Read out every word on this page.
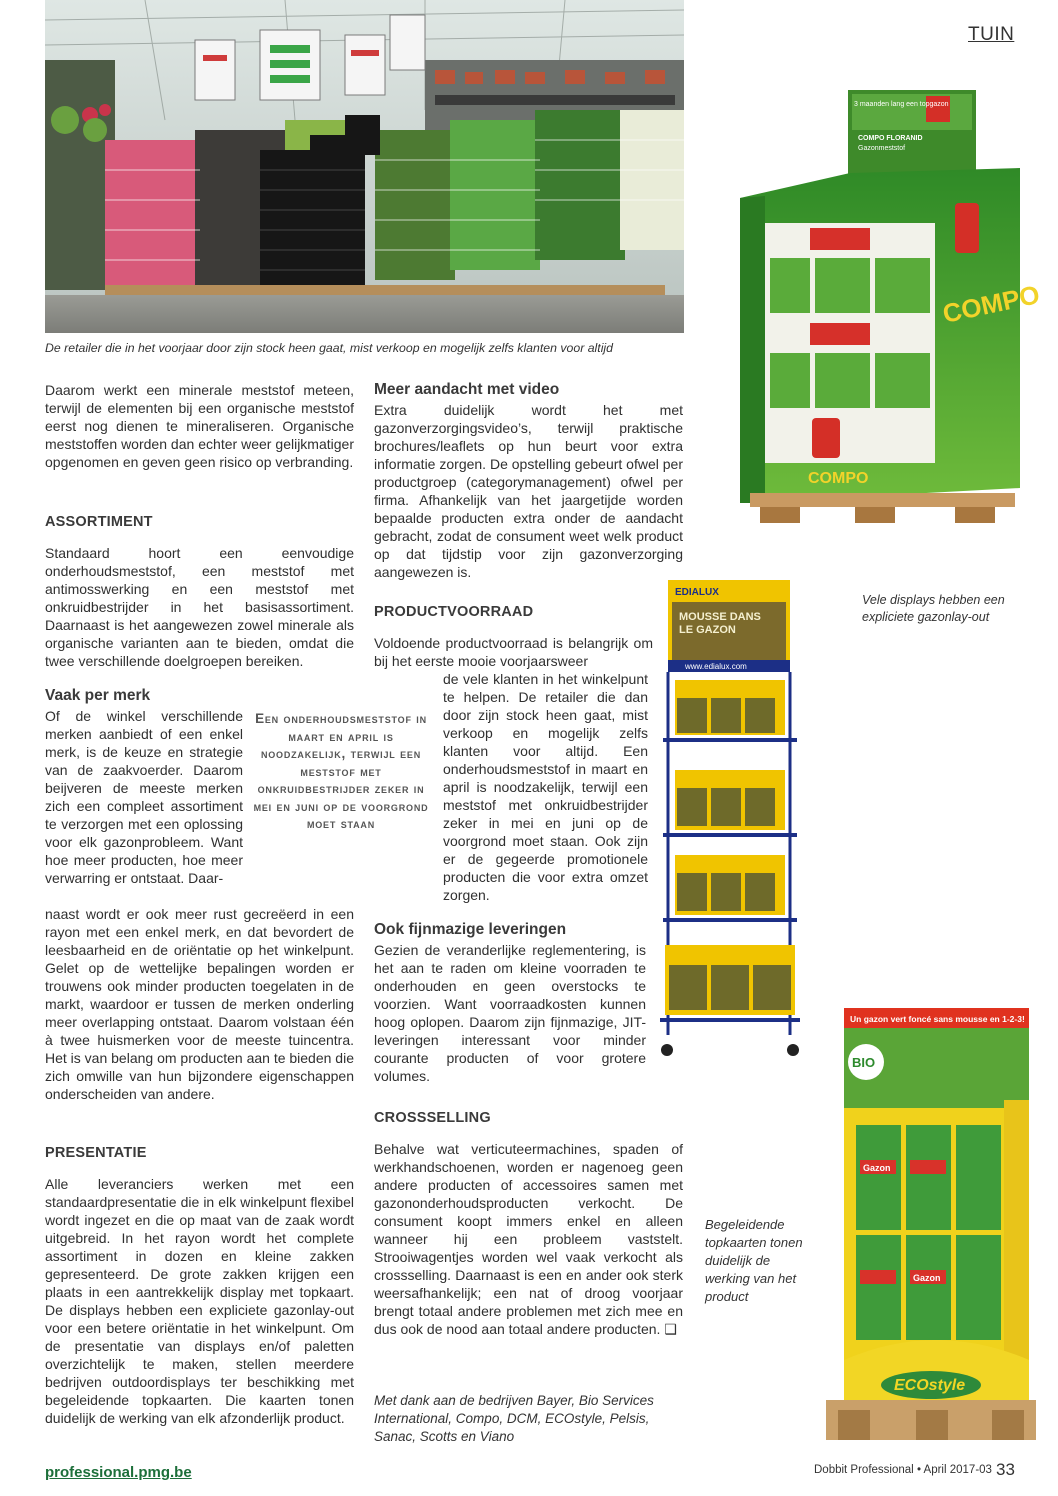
TUIN
De retailer die in het voorjaar door zijn stock heen gaat, mist verkoop en mogelijk zelfs klanten voor altijd
COMPO
COMPO
3 maanden lang een topgazon
COMPO FLORANID
Gazonmeststof
Vele displays hebben een expliciete gazonlay-out
EDIALUX
MOUSSE DANS
LE GAZON
www.edialux.com
BIO
Un gazon vert foncé sans mousse en 1-2-3!
Gazon
Gazon
ECOstyle
Begeleidende topkaarten tonen duidelijk de werking van het product

Daarom werkt een minerale meststof meteen, terwijl de elementen bij een organische meststof eerst nog dienen te mineraliseren. Organische meststoffen worden dan echter weer gelijkmatiger opgenomen en geven geen risico op verbranding.

ASSORTIMENT

Standaard hoort een eenvoudige onderhoudsmeststof, een meststof met antimosswerking en een meststof met onkruidbestrijder in het basisassortiment. Daarnaast is het aangewezen zowel minerale als organische varianten aan te bieden, omdat die twee verschillende doelgroepen bereiken.

Vaak per merk

Of de winkel verschillende merken aanbiedt of een enkel merk, is de keuze en strategie van de zaakvoerder. Daarom beijveren de meeste merken zich een compleet assortiment te verzorgen met een oplossing voor elk gazonprobleem. Want hoe meer producten, hoe meer verwarring er ontstaat. Daar-

naast wordt er ook meer rust gecreëerd in een rayon met een enkel merk, en dat bevordert de leesbaarheid en de oriëntatie op het winkelpunt. Gelet op de wettelijke bepalingen worden er trouwens ook minder producten toegelaten in de markt, waardoor er tussen de merken onderling meer overlapping ontstaat. Daarom volstaan één à twee huismerken voor de meeste tuincentra. Het is van belang om producten aan te bieden die zich omwille van hun bijzondere eigenschappen onderscheiden van andere.

Een onderhoudsmeststof in maart en april is noodzakelijk, terwijl een meststof met onkruidbestrijder zeker in mei en juni op de voorgrond moet staan
PRESENTATIE

Alle leveranciers werken met een standaardpresentatie die in elk winkelpunt flexibel wordt ingezet en die op maat van de zaak wordt uitgebreid. In het rayon wordt het complete assortiment in dozen en kleine zakken gepresenteerd. De grote zakken krijgen een plaats in een aantrekkelijk display met topkaart. De displays hebben een expliciete gazonlay-out voor een betere oriëntatie in het winkelpunt. Om de presentatie van displays en/of paletten overzichtelijk te maken, stellen meerdere bedrijven outdoordisplays ter beschikking met begeleidende topkaarten. Die kaarten tonen duidelijk de werking van elk afzonderlijk product.

Meer aandacht met video

Extra duidelijk wordt het met gazonverzorgingsvideo’s, terwijl praktische brochures/leaflets op hun beurt voor extra informatie zorgen. De opstelling gebeurt ofwel per productgroep (categorymanagement) ofwel per firma. Afhankelijk van het jaargetijde worden bepaalde producten extra onder de aandacht gebracht, zodat de consument weet welk product op dat tijdstip voor zijn gazonverzorging aangewezen is.

PRODUCTVOORRAAD

Voldoende productvoorraad is belangrijk om bij het eerste mooie voorjaarsweer

de vele klanten in het winkelpunt te helpen. De retailer die dan door zijn stock heen gaat, mist verkoop en mogelijk zelfs klanten voor altijd. Een onderhoudsmeststof in maart en april is noodzakelijk, terwijl een meststof met onkruidbestrijder zeker in mei en juni op de voorgrond moet staan. Ook zijn er de gegeerde promotionele producten die voor extra omzet zorgen.

Ook fijnmazige leveringen

Gezien de veranderlijke reglementering, is het aan te raden om kleine voorraden te onderhouden en geen overstocks te voorzien. Want voorraadkosten kunnen hoog oplopen. Daarom zijn fijnmazige, JIT-leveringen interessant voor minder courante producten of voor grotere volumes.

CROSSSELLING

Behalve wat verticuteermachines, spaden of werkhandschoenen, worden er nagenoeg geen andere producten of accessoires samen met gazononderhoudsproducten verkocht. De consument koopt immers enkel en alleen wanneer hij een probleem vaststelt. Strooiwagentjes worden wel vaak verkocht als crossselling. Daarnaast is een en ander ook sterk weersafhankelijk; een nat of droog voorjaar brengt totaal andere problemen met zich mee en dus ook de nood aan totaal andere producten. ❑

Met dank aan de bedrijven Bayer, Bio Services International, Compo, DCM, ECOstyle, Pelsis, Sanac, Scotts en Viano
professional.pmg.be	Dobbit Professional • April 2017-03 33
